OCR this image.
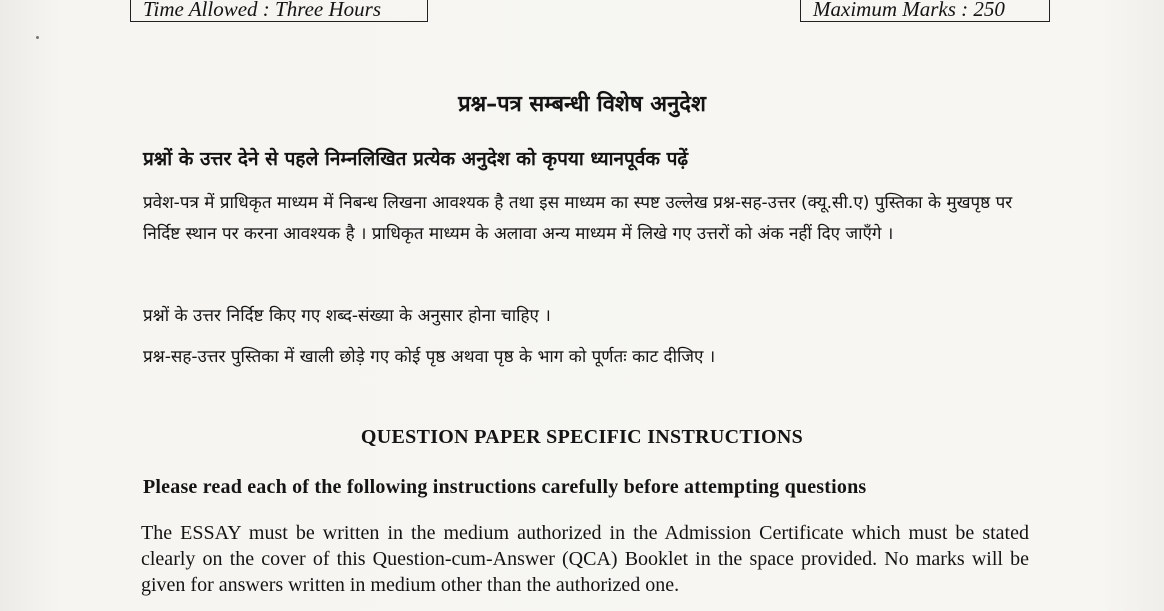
Time Allowed : Three Hours	Maximum Marks : 250
प्रश्न–पत्र सम्बन्धी विशेष अनुदेश
प्रश्नों के उत्तर देने से पहले निम्नलिखित प्रत्येक अनुदेश को कृपया ध्यानपूर्वक पढ़ें
प्रवेश-पत्र में प्राधिकृत माध्यम में निबन्ध लिखना आवश्यक है तथा इस माध्यम का स्पष्ट उल्लेख प्रश्न-सह-उत्तर (क्यू.सी.ए) पुस्तिका के मुखपृष्ठ पर निर्दिष्ट स्थान पर करना आवश्यक है । प्राधिकृत माध्यम के अलावा अन्य माध्यम में लिखे गए उत्तरों को अंक नहीं दिए जाएँगे ।
प्रश्नों के उत्तर निर्दिष्ट किए गए शब्द-संख्या के अनुसार होना चाहिए ।
प्रश्न-सह-उत्तर पुस्तिका में खाली छोड़े गए कोई पृष्ठ अथवा पृष्ठ के भाग को पूर्णतः काट दीजिए ।
QUESTION PAPER SPECIFIC INSTRUCTIONS
Please read each of the following instructions carefully before attempting questions
The ESSAY must be written in the medium authorized in the Admission Certificate which must be stated clearly on the cover of this Question-cum-Answer (QCA) Booklet in the space provided. No marks will be given for answers written in medium other than the authorized one.
